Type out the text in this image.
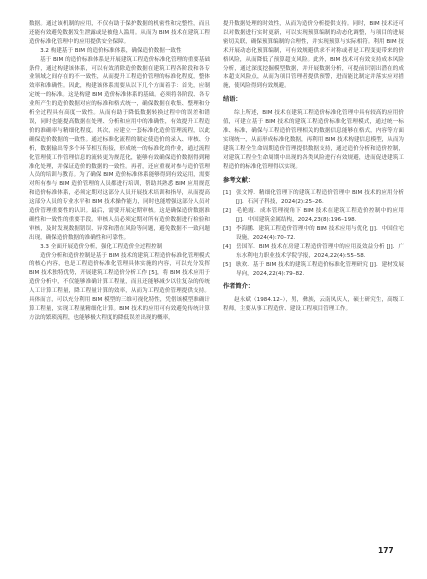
数据。通过该机制的应用，不仅有助于保护数据的机密性和完整性，而且还能有效避免数据发生泄露或是被他人滥用。从而为 BIM 技术在建筑工程造价标准化管理中的应用提供安全保障。

3.2 构建基于 BIM 的造价标准体系，确保造价数据一致性

基于 BIM 的造价标准体系是开展建筑工程造价标准化管理的重要基础条件，通过构建该体系，可以有效消除造价数据在建筑工程各阶段和各专业领域之间存在的不一致性，从而提升工程造价管理的标准化程度，整体效率和准确性。因此，构建该体系需要从以下几个方面着手：首先，应制定统一的标准。这是构建 BIM 造价标准体系的基础。必须将各阶段、各专业所产生的造价数据对应的标准和格式统一，确保数据在收集、整理和分析全过程具有高度一致性。从而有助于降低数据转换过程中的误差和错误，同时也能提高数据在处理、分析和应用中的准确性，有效提升工程造价的准确率与精细化程度。其次，应建立一套标准化造价管理流程，以此确保造价数据的一致性。通过标准化流程的制定使造价的录入、审核、分析，数据输出等多个环节相互衔接，形成统一的标准化的作业，通过流程化管理使工作管理信息的流转更为规范化，能够有效确保造价数据得到精准化处理，并保证造价的数据的一致性。再者，还应重视对参与造价管理人员的培训与教育。为了确保 BIM 造价标准体系能够得到有效运用，需要对所有参与 BIM 造价管理的人员都进行培训，帮助其熟悉 BIM 应用规范和造价标准体系，必须定期对这部分人员开展技术培训和指导，从而提高这部分人员的专业水平和 BIM 技术操作能力，同时也能增强这部分人员对造价管理重要性的认识。最后，需要开展定期审核。这是确保造价数据准确性和一致性的重要手段。审核人员必须定期对所有造价数据进行检验和审核，及时发现数据错误、异常和潜在风险等问题，避免数据不一致问题出现，确保造价数据的准确性和可靠性。

3.3 全面开展造价分析，强化工程造价全过程控制

造价分析和造价控制是基于 BIM 技术的建筑工程造价标准化管理模式的核心内容，也是工程造价标准化管理具体实施的内容，可以充分发挥 BIM 技术独特优势，开展建筑工程造价分析工作 [5]，将 BIM 技术应用于造价分析中，不仅能够准确计算工程量，而且还能够减少以往复杂的传统人工计算工程量，降工程量计算的效率，从而为工程造价管理提供支持。具体而言，可以充分利用 BIM 模型的三维可视化特性，凭借该模型准确计算工程量，实现工程量精细化计算。BIM 技术的应用可有效避免传统计算方法的繁琐流程，也能够极大程度的降低误差出现的概率，

提升数据处理的时效性，从而为造价分析提供支持。同时，BIM 技术还可以对数据进行实时更新，可以实现预算编制的动态化调整，与项目的进展密切关联，确保预算编制的合理性，并实现预算与实际相符。利用 BIM 技术开展动态化预算编制，可有效规避供求不对称或者是工程变更带来的价格风险，从而降低了预算超支风险。此外，BIM 技术可有效支持成本风险分析，通过深度挖掘模型数据，并开展数据分析，可提前识别出潜在的成本超支风险点，从而为项目管理者提供预警，进而能比制定并落实应对措施，使风险得到有效规避。

结语：

综上所述，BIM 技术在建筑工程造价标准化管理中具有较高的应用价值，可建立基于 BIM 技术的建筑工程造价标准化管理模式，通过统一标准、标准，确保与工程造价管理相关的数据信息能够在格式，内容等方面实现统一，从而形成标准化数据，再利用 BIM 技术构建信息模型，从而为建筑工程全生命周期造价管理提供数据支持，通过造价分析和造价控制，对建筑工程全生命周期中出现的各类风险进行有效规避，进而促进建筑工程造价的标准化管理得以实现。

参考文献：

[1] 张文博．精细化管理下的建筑工程造价管理中 BIM 技术的应用分析 [J]．石河子科技，2024(2):25–26.

[2] 毛艳霞．成本管理视角下 BIM 技术在建筑工程造价控制中的应用 [J]．中国建筑金属结构，2024,23(8):196–198.

[3] 李海鹏．建筑工程造价管理中的 BIM 技术应用与优化 [J]．中国住宅设施，2024(4):70–72.

[4] 岳国军．BIM 技术在房建工程造价管理中的应用及效益分析 [J]．广东水利电力职业技术学院学报，2024,22(4):55–58.

[5] 耿欢．基于 BIM 技术的建筑工程造价标准化管理研究 [J]．建材发展导向，2024,22(4):79–82.

作者简介：

赵永斌（1984.12–），男，彝族，云南凤庆人，硕士研究生，高级工程师，主要从事工程造价、建设工程项目管理工作。

177
